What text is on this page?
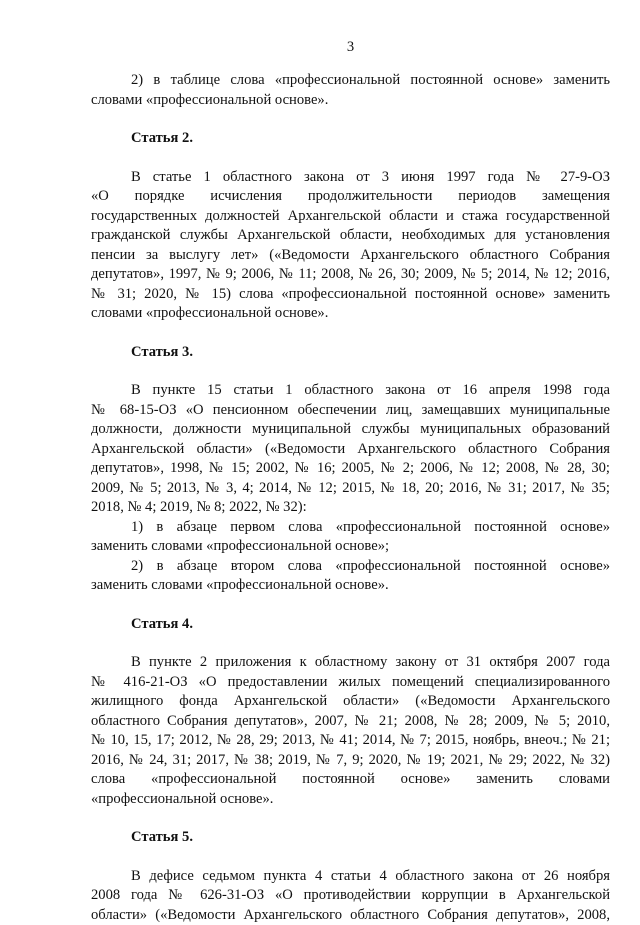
3
2) в таблице слова «профессиональной постоянной основе» заменить
словами «профессиональной основе».
Статья 2.
В статье 1 областного закона от 3 июня 1997 года № 27-9-ОЗ
«О порядке исчисления продолжительности периодов замещения
государственных должностей Архангельской области и стажа государственной
гражданской службы Архангельской области, необходимых для установления
пенсии за выслугу лет» («Ведомости Архангельского областного Собрания
депутатов», 1997, № 9; 2006, № 11; 2008, № 26, 30; 2009, № 5; 2014, № 12; 2016,
№ 31; 2020, № 15) слова «профессиональной постоянной основе» заменить
словами «профессиональной основе».
Статья 3.
В пункте 15 статьи 1 областного закона от 16 апреля 1998 года
№ 68-15-ОЗ «О пенсионном обеспечении лиц, замещавших муниципальные
должности, должности муниципальной службы муниципальных образований
Архангельской области» («Ведомости Архангельского областного Собрания
депутатов», 1998, № 15; 2002, № 16; 2005, № 2; 2006, № 12; 2008, № 28, 30;
2009, № 5; 2013, № 3, 4; 2014, № 12; 2015, № 18, 20; 2016, № 31; 2017, № 35;
2018, № 4; 2019, № 8; 2022, № 32):
1) в абзаце первом слова «профессиональной постоянной основе»
заменить словами «профессиональной основе»;
2) в абзаце втором слова «профессиональной постоянной основе»
заменить словами «профессиональной основе».
Статья 4.
В пункте 2 приложения к областному закону от 31 октября 2007 года
№ 416-21-ОЗ «О предоставлении жилых помещений специализированного
жилищного фонда Архангельской области» («Ведомости Архангельского
областного Собрания депутатов», 2007, № 21; 2008, № 28; 2009, № 5; 2010,
№ 10, 15, 17; 2012, № 28, 29; 2013, № 41; 2014, № 7; 2015, ноябрь, внеоч.; № 21;
2016, № 24, 31; 2017, № 38; 2019, № 7, 9; 2020, № 19; 2021, № 29; 2022, № 32)
слова «профессиональной постоянной основе» заменить словами
«профессиональной основе».
Статья 5.
В дефисе седьмом пункта 4 статьи 4 областного закона от 26 ноября
2008 года № 626-31-ОЗ «О противодействии коррупции в Архангельской
области» («Ведомости Архангельского областного Собрания депутатов», 2008,
